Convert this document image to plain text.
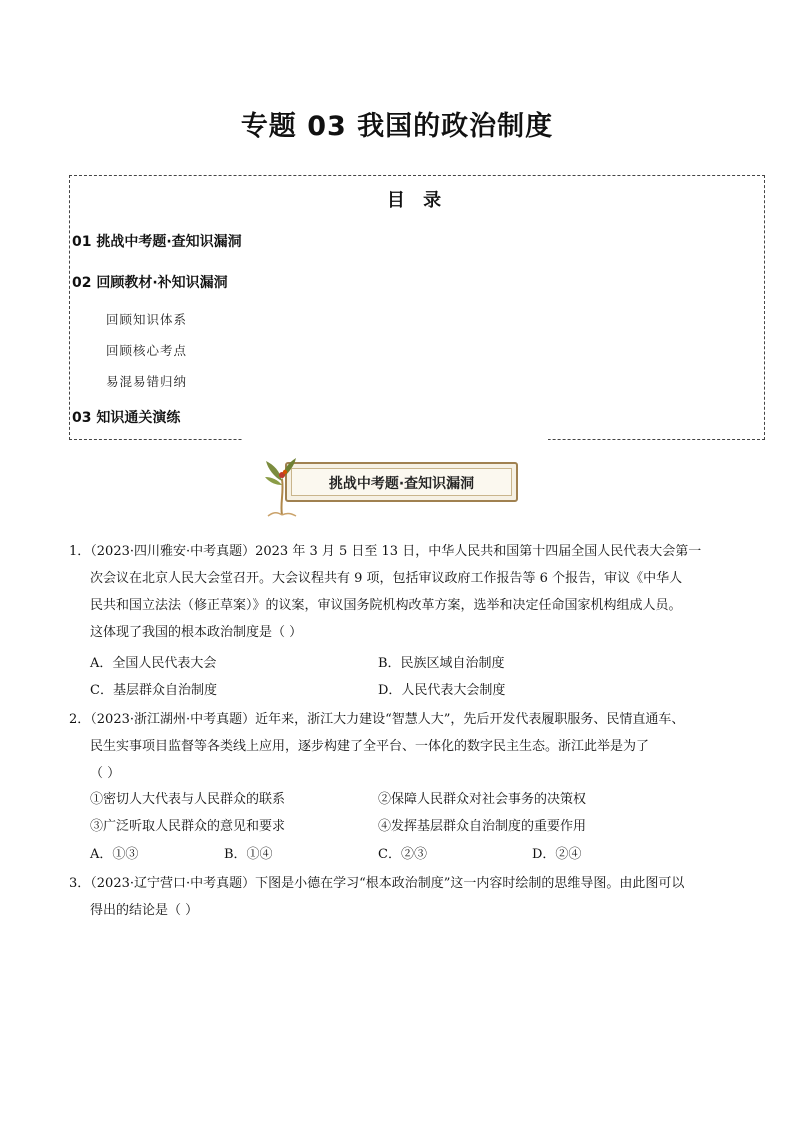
专题 03 我国的政治制度
目 录
01 挑战中考题·查知识漏洞
02 回顾教材·补知识漏洞
回顾知识体系
回顾核心考点
易混易错归纳
03 知识通关演练
挑战中考题·查知识漏洞
1．（2023·四川雅安·中考真题）2023 年 3 月 5 日至 13 日，中华人民共和国第十四届全国人民代表大会第一
次会议在北京人民大会堂召开。大会议程共有 9 项，包括审议政府工作报告等 6 个报告，审议《中华人
民共和国立法法（修正草案）》的议案，审议国务院机构改革方案，选举和决定任命国家机构组成人员。
这体现了我国的根本政治制度是（ ）
A．全国人民代表大会	B．民族区域自治制度
C．基层群众自治制度	D．人民代表大会制度
2．（2023·浙江湖州·中考真题）近年来，浙江大力建设“智慧人大”，先后开发代表履职服务、民情直通车、
民生实事项目监督等各类线上应用，逐步构建了全平台、一体化的数字民主生态。浙江此举是为了
（ ）
①密切人大代表与人民群众的联系	②保障人民群众对社会事务的决策权
③广泛听取人民群众的意见和要求	④发挥基层群众自治制度的重要作用
A．①③	B．①④	C．②③	D．②④
3．（2023·辽宁营口·中考真题）下图是小德在学习“根本政治制度”这一内容时绘制的思维导图。由此图可以
得出的结论是（ ）
